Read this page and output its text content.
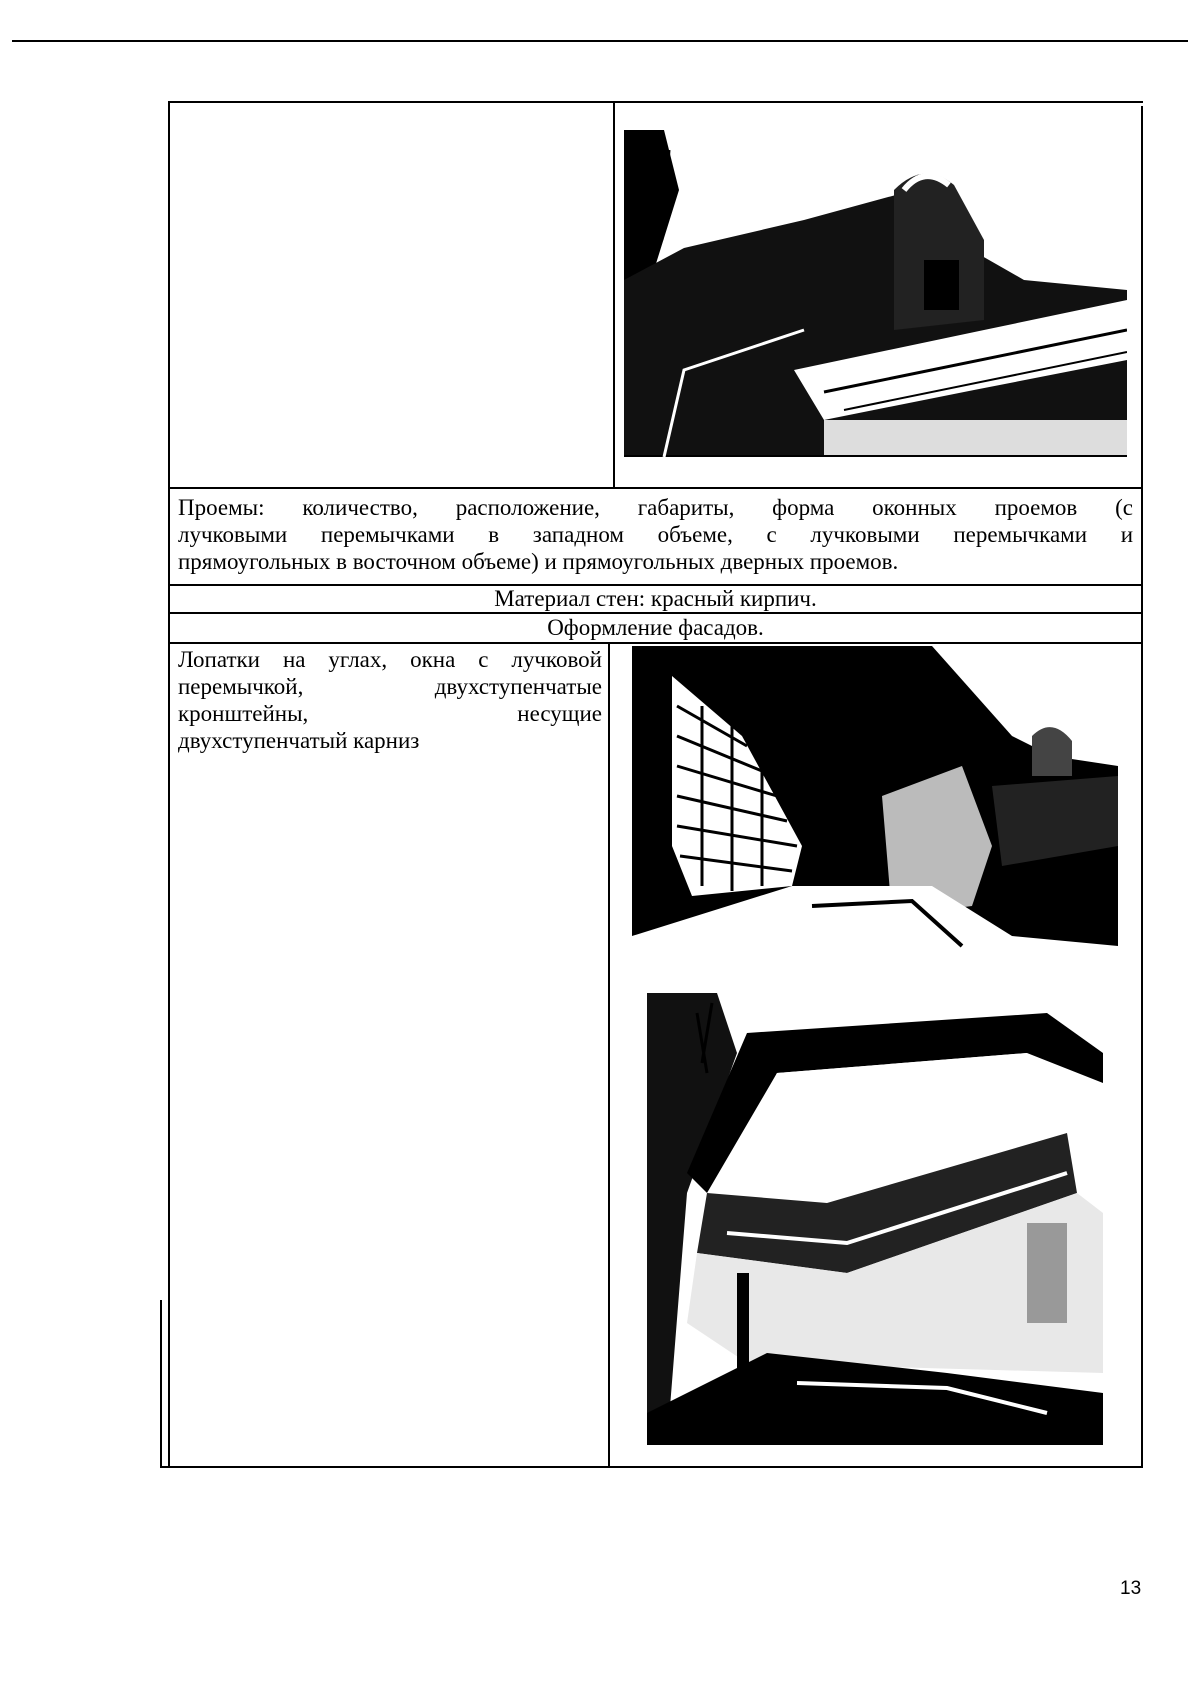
Проемы: количество, расположение, габариты, форма оконных проемов (с
лучковыми перемычками в западном объеме, с лучковыми перемычками и
прямоугольных в восточном объеме) и прямоугольных дверных проемов.
Материал стен: красный кирпич.
Оформление фасадов.
Лопатки на углах, окна с лучковой
перемычкой, двухступенчатые
кронштейны, несущие
двухступенчатый карниз
13
